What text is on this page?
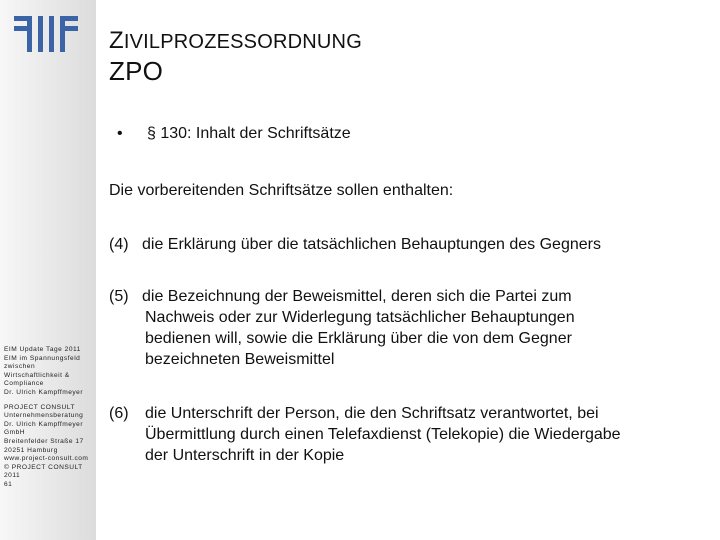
EIM Update Tage 2011
EIM im Spannungsfeld
zwischen
Wirtschaftlichkeit &
Compliance
Dr. Ulrich Kampffmeyer
PROJECT CONSULT
Unternehmensberatung
Dr. Ulrich Kampffmeyer
GmbH
Breitenfelder Straße 17
20251 Hamburg
www.project-consult.com
© PROJECT CONSULT
2011
61
ZIVILPROZESSORDNUNG
ZPO
• § 130: Inhalt der Schriftsätze
Die vorbereitenden Schriftsätze sollen enthalten:
(4) die Erklärung über die tatsächlichen Behauptungen des Gegners
(5) die Bezeichnung der Beweismittel, deren sich die Partei zum
Nachweis oder zur Widerlegung tatsächlicher Behauptungen
bedienen will, sowie die Erklärung über die von dem Gegner
bezeichneten Beweismittel
(6) die Unterschrift der Person, die den Schriftsatz verantwortet, bei
Übermittlung durch einen Telefaxdienst (Telekopie) die Wiedergabe
der Unterschrift in der Kopie
